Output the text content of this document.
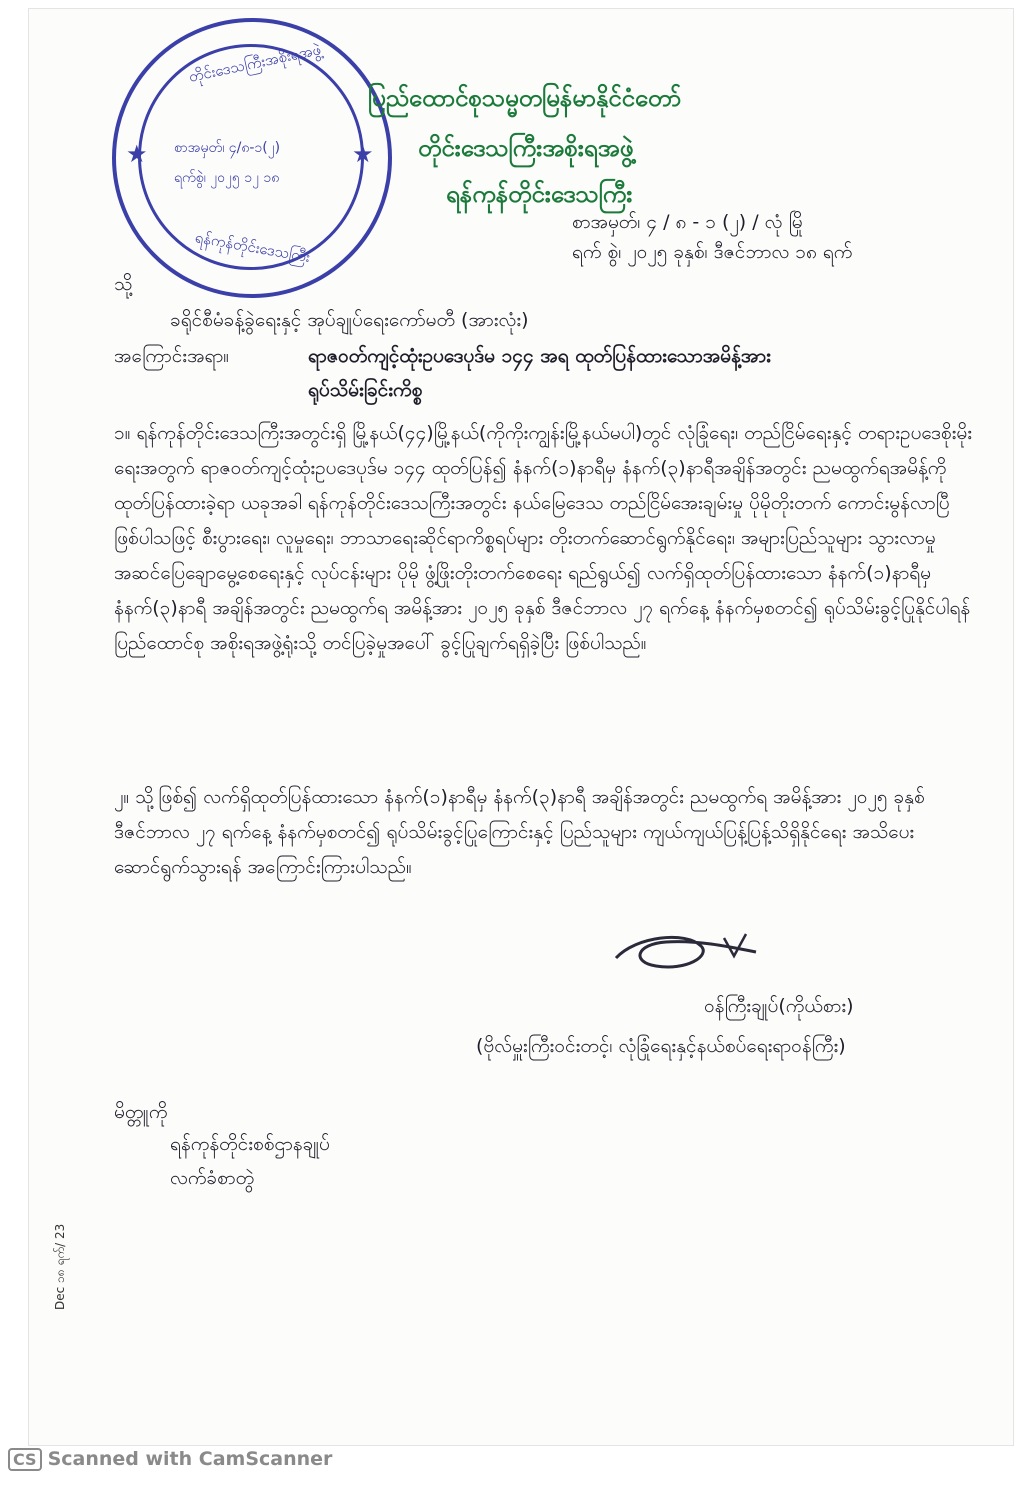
တိုင်းဒေသကြီးအစိုးရအဖွဲ့
စာအမှတ်၊ ၄/၈-၁(၂)
ရက်စွဲ၊ ၂၀၂၅ ၁၂ ၁၈
ရန်ကုန်တိုင်းဒေသကြီး
★	★
ပြည်ထောင်စုသမ္မတမြန်မာနိုင်ငံတော်
တိုင်းဒေသကြီးအစိုးရအဖွဲ့
ရန်ကုန်တိုင်းဒေသကြီး
စာအမှတ်၊ ၄ / ၈ - ၁ (၂) / လုံ မြို
ရက် စွဲ၊ ၂၀၂၅ ခုနှစ်၊ ဒီဇင်ဘာလ ၁၈ ရက်
သို့
ခရိုင်စီမံခန့်ခွဲရေးနှင့် အုပ်ချုပ်ရေးကော်မတီ (အားလုံး)
အကြောင်းအရာ။	ရာဇဝတ်ကျင့်ထုံးဥပဒေပုဒ်မ ၁၄၄ အရ ထုတ်ပြန်ထားသောအမိန့်အား
ရုပ်သိမ်းခြင်းကိစ္စ
၁။ ရန်ကုန်တိုင်းဒေသကြီးအတွင်းရှိ မြို့နယ်(၄၄)မြို့နယ်(ကိုကိုးကျွန်းမြို့နယ်မပါ)တွင် လုံခြုံရေး၊ တည်ငြိမ်ရေးနှင့် တရားဥပဒေစိုးမိုးရေးအတွက် ရာဇဝတ်ကျင့်ထုံးဥပဒေပုဒ်မ ၁၄၄ ထုတ်ပြန်၍ နံနက်(၁)နာရီမှ နံနက်(၃)နာရီအချိန်အတွင်း ညမထွက်ရအမိန့်ကို ထုတ်ပြန်ထားခဲ့ရာ ယခုအခါ ရန်ကုန်တိုင်းဒေသကြီးအတွင်း နယ်မြေဒေသ တည်ငြိမ်အေးချမ်းမှု ပိုမိုတိုးတက် ကောင်းမွန်လာပြီ ဖြစ်ပါသဖြင့် စီးပွားရေး၊ လူမှုရေး၊ ဘာသာရေးဆိုင်ရာကိစ္စရပ်များ တိုးတက်ဆောင်ရွက်နိုင်ရေး၊ အများပြည်သူများ သွားလာမှု အဆင်ပြေချောမွေ့စေရေးနှင့် လုပ်ငန်းများ ပိုမို ဖွံ့ဖြိုးတိုးတက်စေရေး ရည်ရွယ်၍ လက်ရှိထုတ်ပြန်ထားသော နံနက်(၁)နာရီမှ နံနက်(၃)နာရီ အချိန်အတွင်း ညမထွက်ရ အမိန့်အား ၂၀၂၅ ခုနှစ် ဒီဇင်ဘာလ ၂၇ ရက်နေ့ နံနက်မှစတင်၍ ရုပ်သိမ်းခွင့်ပြုနိုင်ပါရန် ပြည်ထောင်စု အစိုးရအဖွဲ့ရုံးသို့ တင်ပြခဲ့မှုအပေါ် ခွင့်ပြုချက်ရရှိခဲ့ပြီး ဖြစ်ပါသည်။
၂။ သို့ဖြစ်၍ လက်ရှိထုတ်ပြန်ထားသော နံနက်(၁)နာရီမှ နံနက်(၃)နာရီ အချိန်အတွင်း ညမထွက်ရ အမိန့်အား ၂၀၂၅ ခုနှစ် ဒီဇင်ဘာလ ၂၇ ရက်နေ့ နံနက်မှစတင်၍ ရုပ်သိမ်းခွင့်ပြုကြောင်းနှင့် ပြည်သူများ ကျယ်ကျယ်ပြန့်ပြန့်သိရှိနိုင်ရေး အသိပေးဆောင်ရွက်သွားရန် အကြောင်းကြားပါသည်။
ဝန်ကြီးချုပ်(ကိုယ်စား)
(ဗိုလ်မှူးကြီးဝင်းတင့်၊ လုံခြုံရေးနှင့်နယ်စပ်ရေးရာဝန်ကြီး)
မိတ္တူကို
ရန်ကုန်တိုင်းစစ်ဌာနချုပ်
လက်ခံစာတွဲ
Dec ၁၈ ရက်/ 23
CS Scanned with CamScanner
